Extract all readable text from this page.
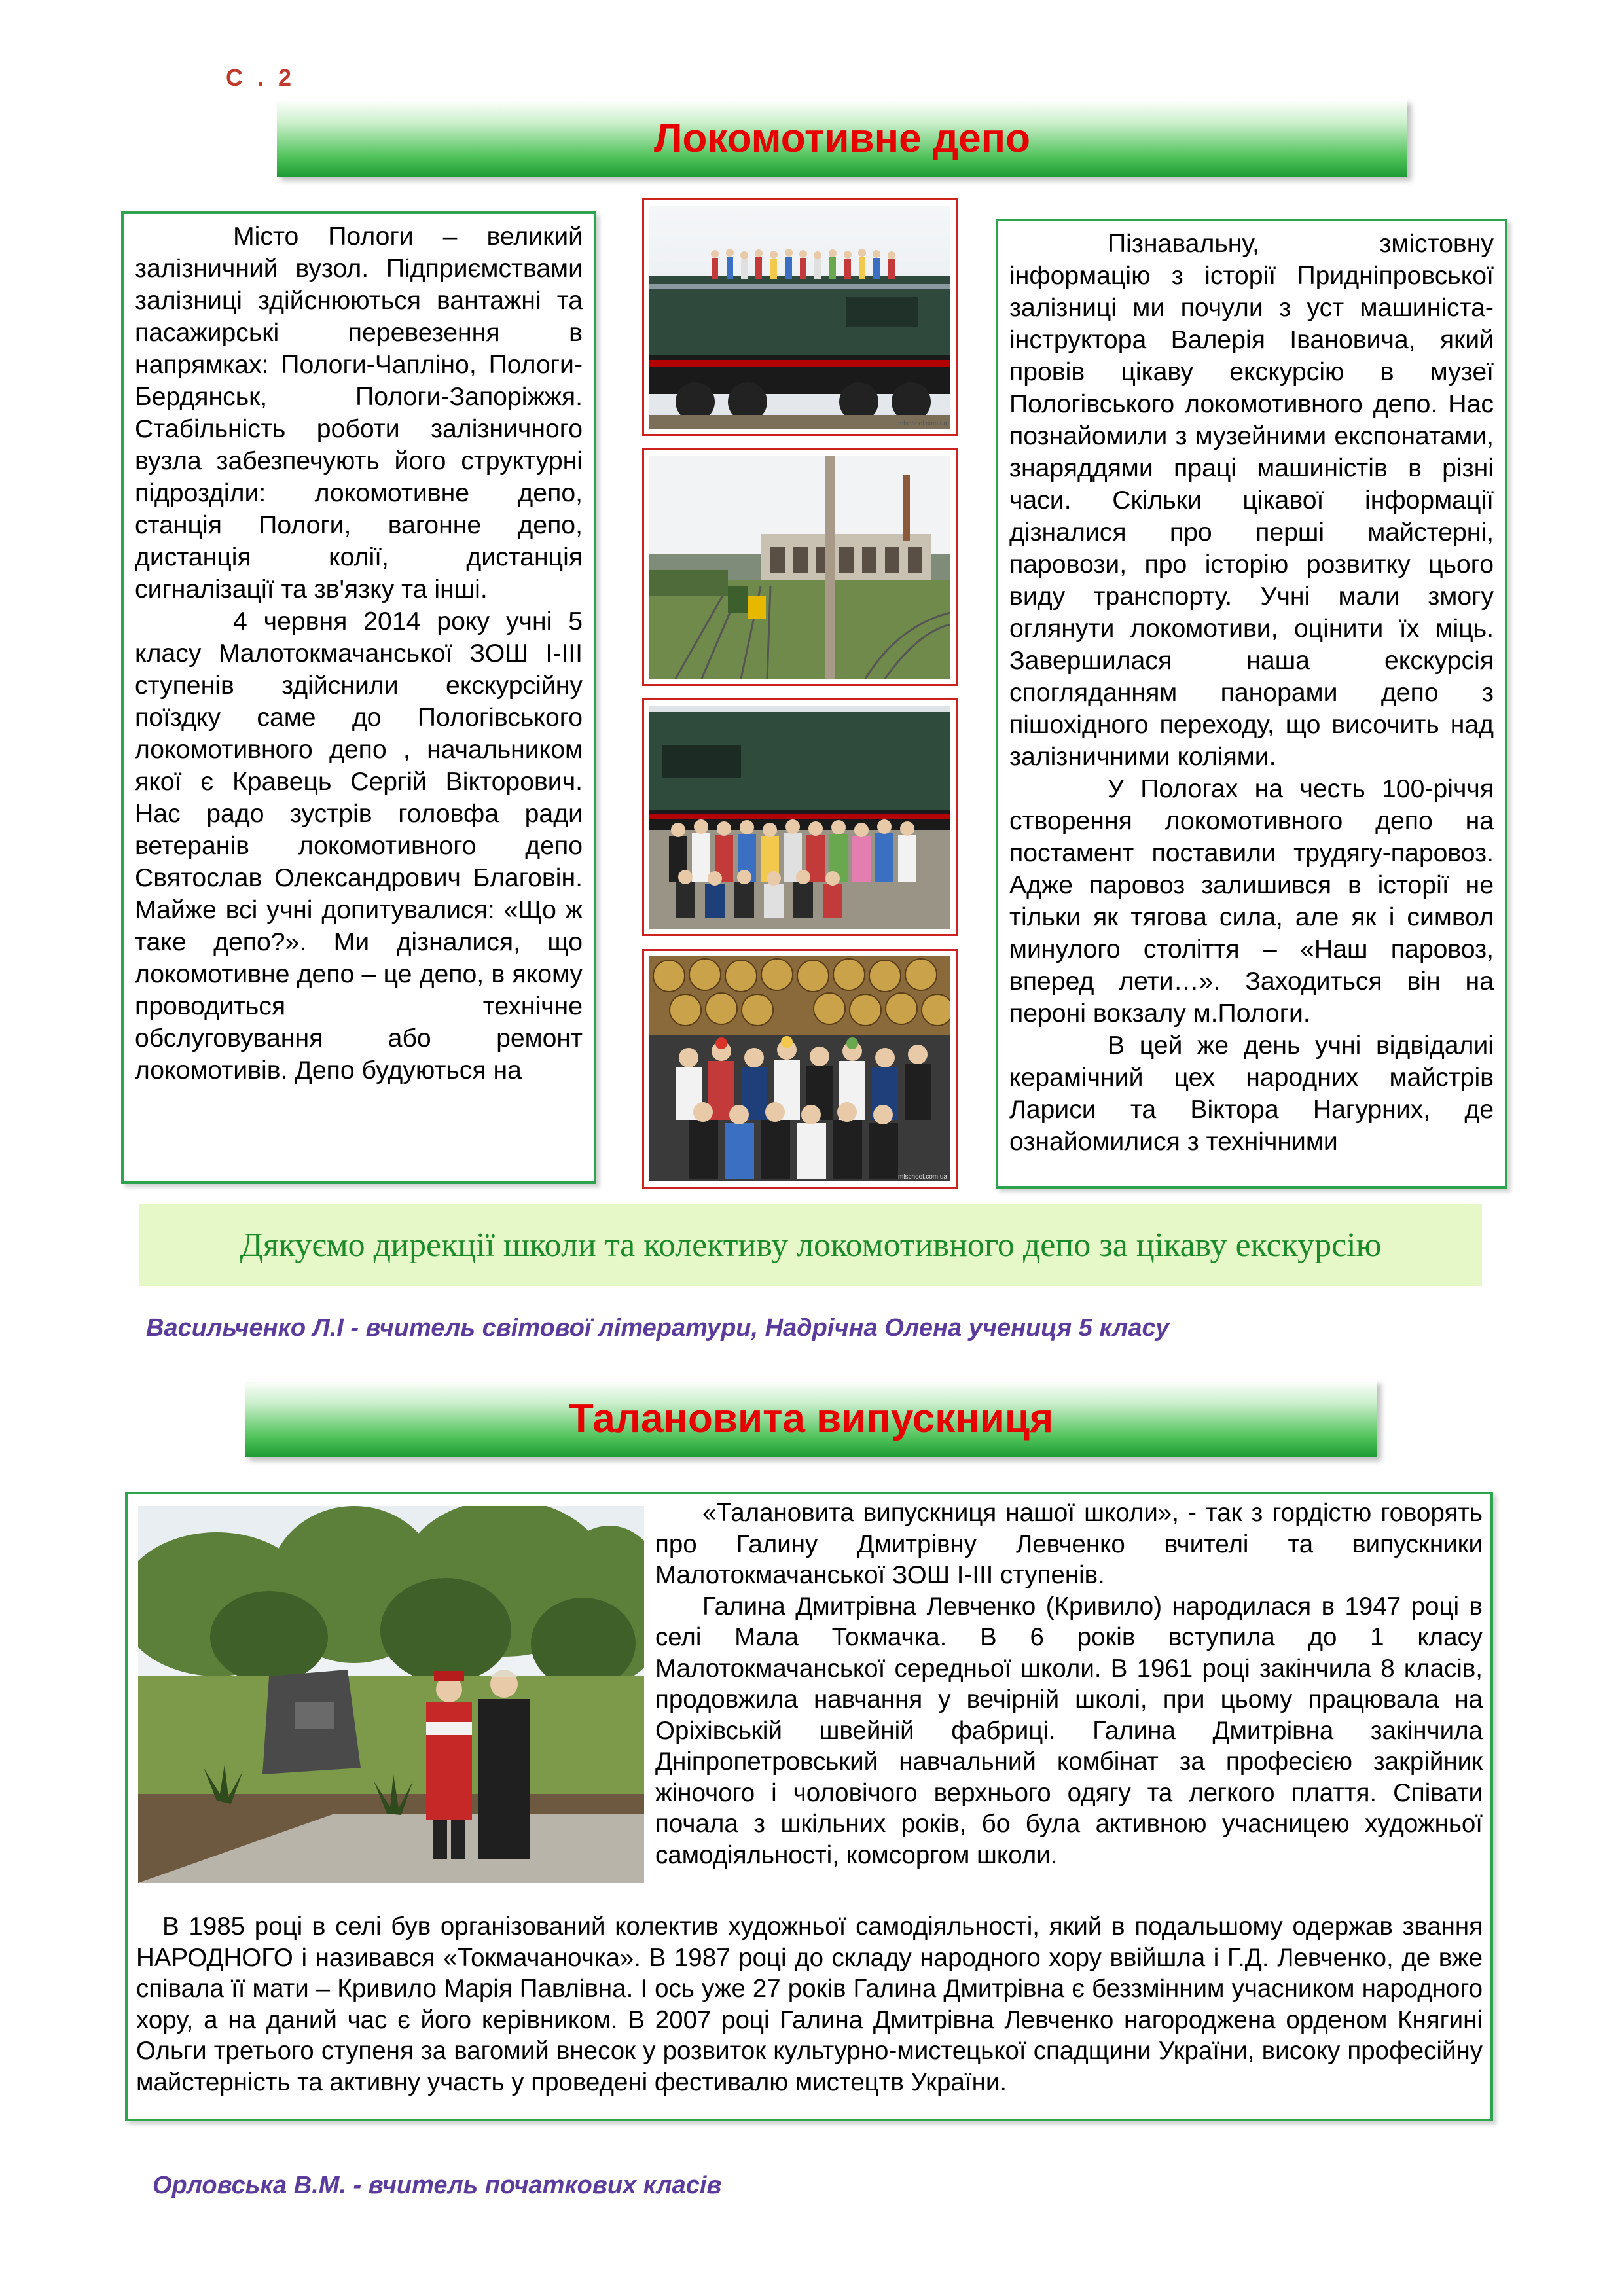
С . 2
Локомотивне депо

Місто Пологи – великий залізничний вузол. Підприємствами залізниці здійснюються вантажні та пасажирські перевезення в напрямках: Пологи-Чапліно, Пологи-Бердянськ, Пологи-Запоріжжя. Стабільність роботи залізничного вузла забезпечують його структурні підрозділи: локомотивне депо, станція Пологи, вагонне депо, дистанція колії, дистанція сигналізації та зв'язку та інші.

4 червня 2014 року учні 5 класу Малотокмачанської ЗОШ І-ІІІ ступенів здійснили екскурсійну поїздку саме до Пологівського локомотивного депо , начальником якої є Кравець Сергій Вікторович. Нас радо зустрів головфа ради ветеранів локомотивного депо Святослав Олександрович Благовін. Майже всі учні допитувалися: «Що ж таке депо?». Ми дізналися, що локомотивне депо – це депо, в якому проводиться технічне обслуговування або ремонт локомотивів. Депо будуються на

mlschool.com.ua
mlschool.com.ua

Пізнавальну, змістовну інформацію з історії Придніпровської залізниці ми почули з уст машиніста-інструктора Валерія Івановича, який провів цікаву екскурсію в музеї Пологівського локомотивного депо. Нас познайомили з музейними експонатами, знаряддями праці машиністів в різні часи. Скільки цікавої інформації дізналися про перші майстерні, паровози, про історію розвитку цього виду транспорту. Учні мали змогу оглянути локомотиви, оцінити їх міць. Завершилася наша екскурсія спогляданням панорами депо з пішохідного переходу, що височить над залізничними коліями.

У Пологах на честь 100-річчя створення локомотивного депо на постамент поставили трудягу-паровоз. Адже паровоз залишився в історії не тільки як тягова сила, але як і символ минулого століття – «Наш паровоз, вперед лети…». Заходиться він на пероні вокзалу м.Пологи.

В цей же день учні відвідалиі керамічний цех народних майстрів Лариси та Віктора Нагурних, де ознайомилися з технічними

Дякуємо дирекції школи та колективу локомотивного депо за цікаву екскурсію
Васильченко Л.І - вчитель світової літератури, Надрічна Олена учениця 5 класу
Талановита випускниця

«Талановита випускниця нашої школи», - так з гордістю говорять про Галину Дмитрівну Левченко вчителі та випускники Малотокмачанської ЗОШ І-ІІІ ступенів.

Галина Дмитрівна Левченко (Кривило) народилася в 1947 році в селі Мала Токмачка. В 6 років вступила до 1 класу Малотокмачанської середньої школи. В 1961 році закінчила 8 класів, продовжила навчання у вечірній школі, при цьому працювала на Оріхівській швейній фабриці. Галина Дмитрівна закінчила Дніпропетровський навчальний комбінат за професією закрійник жіночого і чоловічого верхнього одягу та легкого плаття. Співати почала з шкільних років, бо була активною учасницею художньої самодіяльності, комсоргом школи.

В 1985 році в селі був організований колектив художньої самодіяльності, який в подальшому одержав звання НАРОДНОГО і називався «Токмачаночка». В 1987 році до складу народного хору ввійшла і Г.Д. Левченко, де вже співала її мати – Кривило Марія Павлівна. І ось уже 27 років Галина Дмитрівна є беззмінним учасником народного хору, а на даний час є його керівником. В 2007 році Галина Дмитрівна Левченко нагороджена орденом Княгині Ольги третього ступеня за вагомий внесок у розвиток культурно-мистецької спадщини України, високу професійну майстерність та активну участь у проведені фестивалю мистецтв України.

Орловська В.М. - вчитель початкових класів
